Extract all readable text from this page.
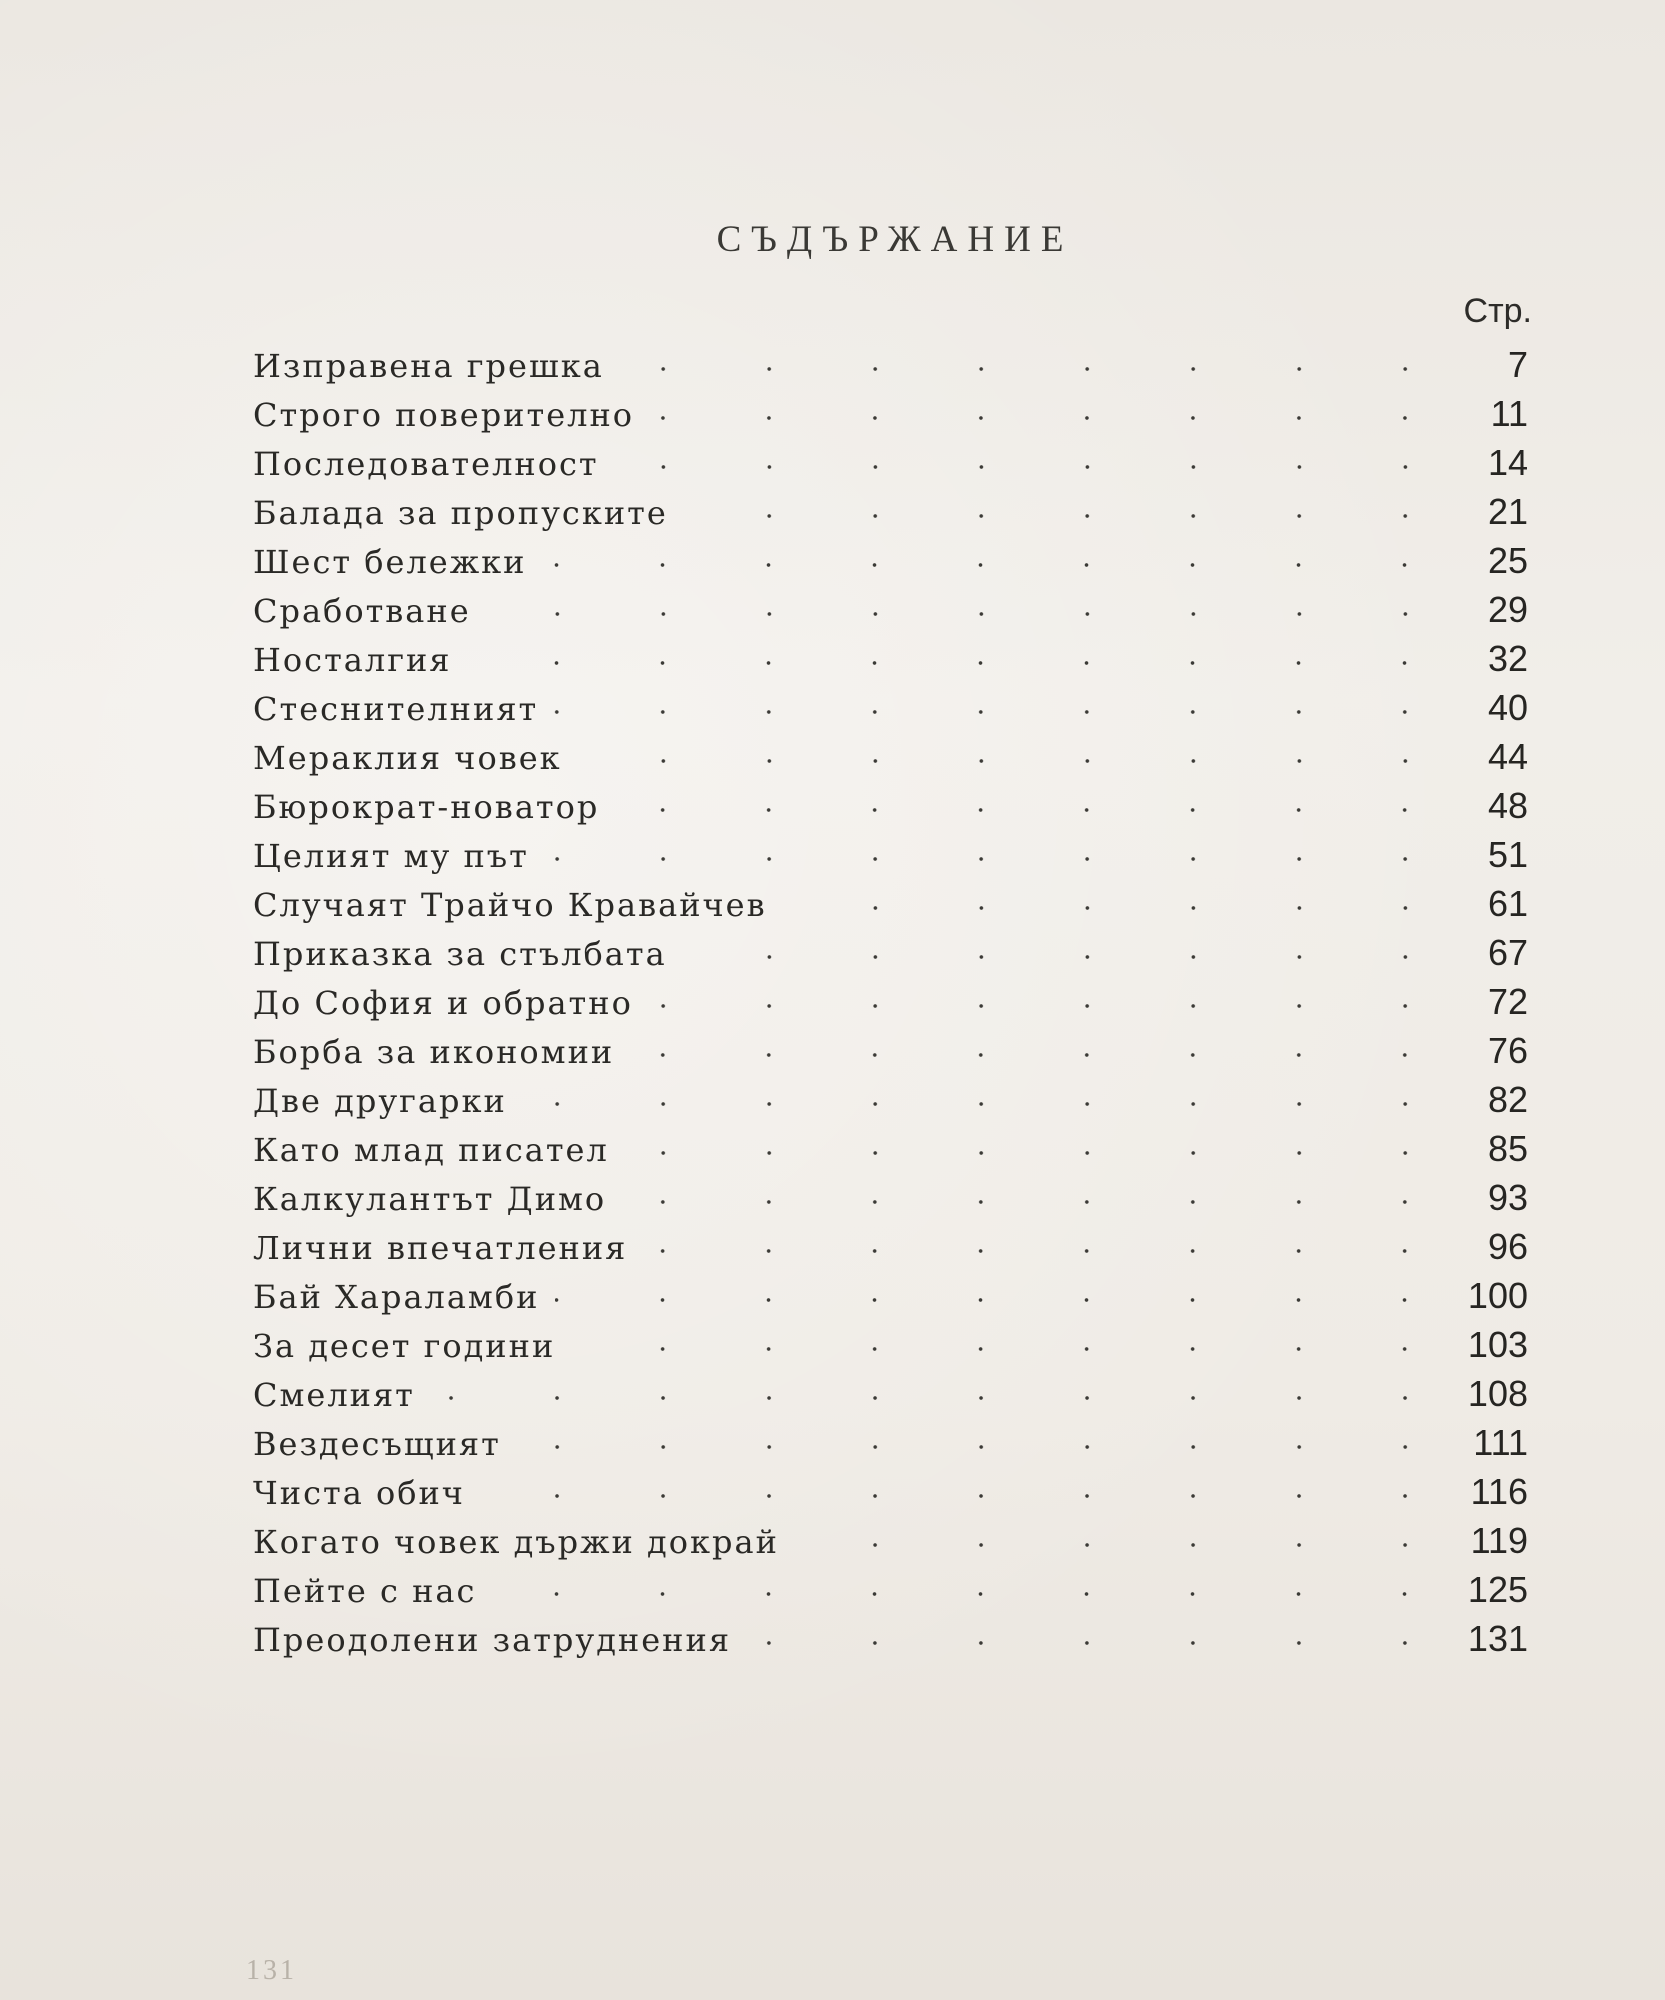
СЪДЪРЖАНИЕ
Стр.
Изправена грешка	7
Строго поверително	11
Последователност	14
Балада за пропуските	21
Шест бележки	25
Сработване	29
Носталгия	32
Стеснителният	40
Мераклия човек	44
Бюрократ-новатор	48
Целият му път	51
Случаят Трайчо Кравайчев	61
Приказка за стълбата	67
До София и обратно	72
Борба за икономии	76
Две другарки	82
Като млад писател	85
Калкулантът Димо	93
Лични впечатления	96
Бай Хараламби	100
За десет години	103
Смелият	108
Вездесъщият	111
Чиста обич	116
Когато човек държи докрай	119
Пейте с нас	125
Преодолени затруднения	131
131
